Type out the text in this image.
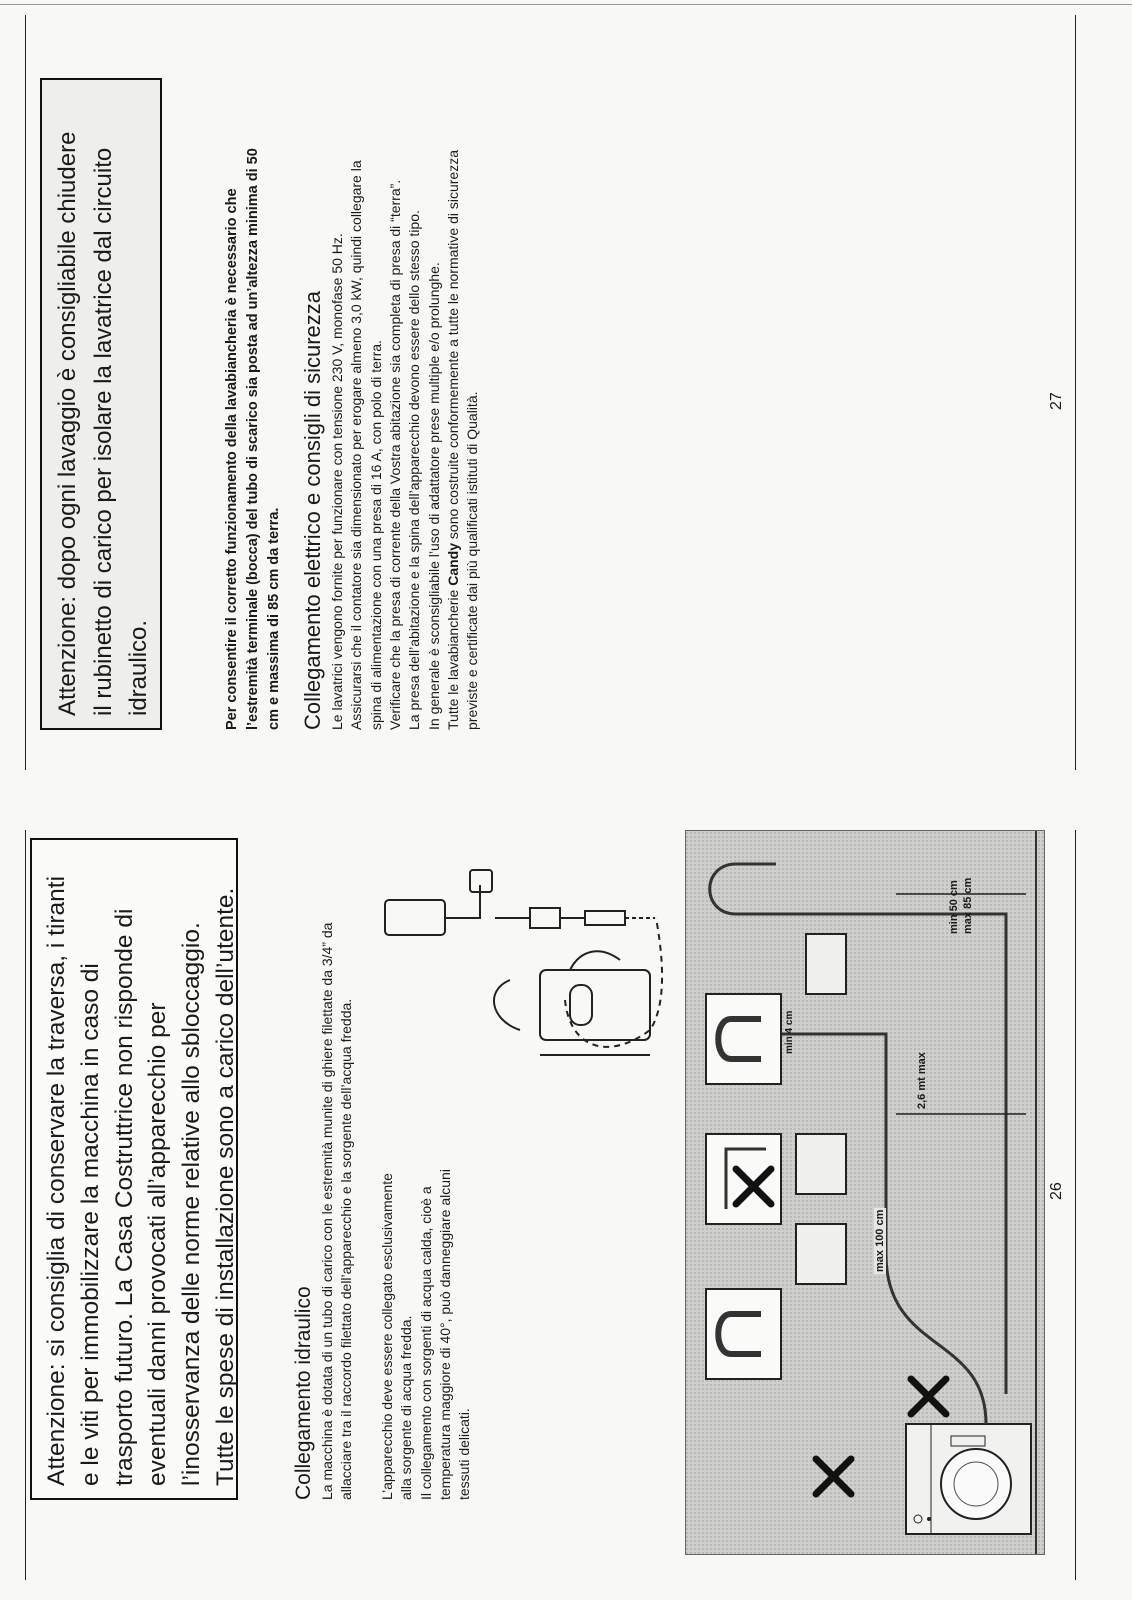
Attenzione: si consiglia di conservare la traversa, i tiranti e le viti per immobilizzare la macchina in caso di trasporto futuro. La Casa Costruttrice non risponde di eventuali danni provocati all’apparecchio per l’inosservanza delle norme relative allo sbloccaggio. Tutte le spese di installazione sono a carico dell’utente.	Collegamento idraulico La macchina è dotata di un tubo di carico con le estremità munite di ghiere filettate da 3/4” da allacciare tra il raccordo filettato dell’apparecchio e la sorgente dell’acqua fredda. L’apparecchio deve essere collegato esclusivamente alla sorgente di acqua fredda. Il collegamento con sorgenti di acqua calda, cioè a temperatura maggiore di 40°, può danneggiare alcuni tessuti delicati.
max 100 cm
2,6 mt max
min 4 cm
min 50 cm max 85 cm
26

Attenzione: dopo ogni lavaggio è consigliabile chiudere il rubinetto di carico per isolare la lavatrice dal circuito idraulico.	Per consentire il corretto funzionamento della lavabiancheria è necessario che l’estremità terminale (bocca) del tubo di scarico sia posta ad un’altezza minima di 50 cm e massima di 85 cm da terra. Collegamento elettrico e consigli di sicurezza Le lavatrici vengono fornite per funzionare con tensione 230 V, monofase 50 Hz. Assicurarsi che il contatore sia dimensionato per erogare almeno 3,0 kW, quindi collegare la spina di alimentazione con una presa di 16 A, con polo di terra. Verificare che la presa di corrente della Vostra abitazione sia completa di presa di “terra”. La presa dell’abitazione e la spina dell’apparecchio devono essere dello stesso tipo. In generale è sconsigliabile l’uso di adattatore prese multiple e/o prolunghe. Tutte le lavabiancherie Candy sono costruite conformemente a tutte le normative di sicurezza
previste e certificate dai più qualificati istituti di Qualità.	27
